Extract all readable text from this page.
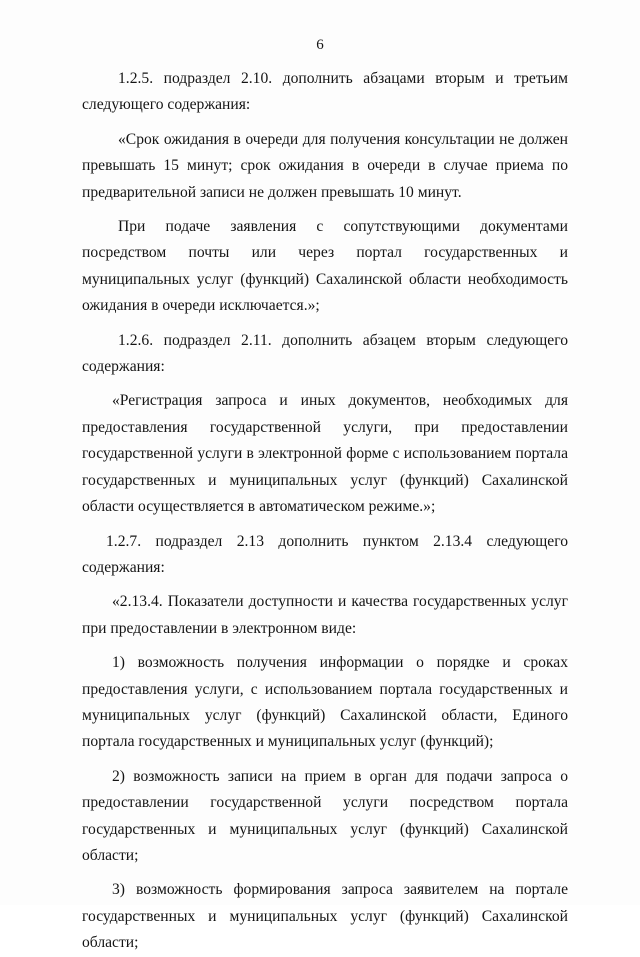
6

1.2.5. подраздел 2.10. дополнить абзацами вторым и третьим следующего содержания:

«Срок ожидания в очереди для получения консультации не должен превышать 15 минут; срок ожидания в очереди в случае приема по предварительной записи не должен превышать 10 минут.

При подаче заявления с сопутствующими документами посредством почты или через портал государственных и муниципальных услуг (функций) Сахалинской области необходимость ожидания в очереди исключается.»;

1.2.6. подраздел 2.11. дополнить абзацем вторым следующего содержания:

«Регистрация запроса и иных документов, необходимых для предоставления государственной услуги, при предоставлении государственной услуги в электронной форме с использованием портала государственных и муниципальных услуг (функций) Сахалинской области осуществляется в автоматическом режиме.»;

1.2.7. подраздел 2.13 дополнить пунктом 2.13.4 следующего содержания:

«2.13.4. Показатели доступности и качества государственных услуг при предоставлении в электронном виде:

1) возможность получения информации о порядке и сроках предоставления услуги, с использованием портала государственных и муниципальных услуг (функций) Сахалинской области, Единого портала государственных и муниципальных услуг (функций);

2) возможность записи на прием в орган для подачи запроса о предоставлении государственной услуги посредством портала государственных и муниципальных услуг (функций) Сахалинской области;

3) возможность формирования запроса заявителем на портале государственных и муниципальных услуг (функций) Сахалинской области;
